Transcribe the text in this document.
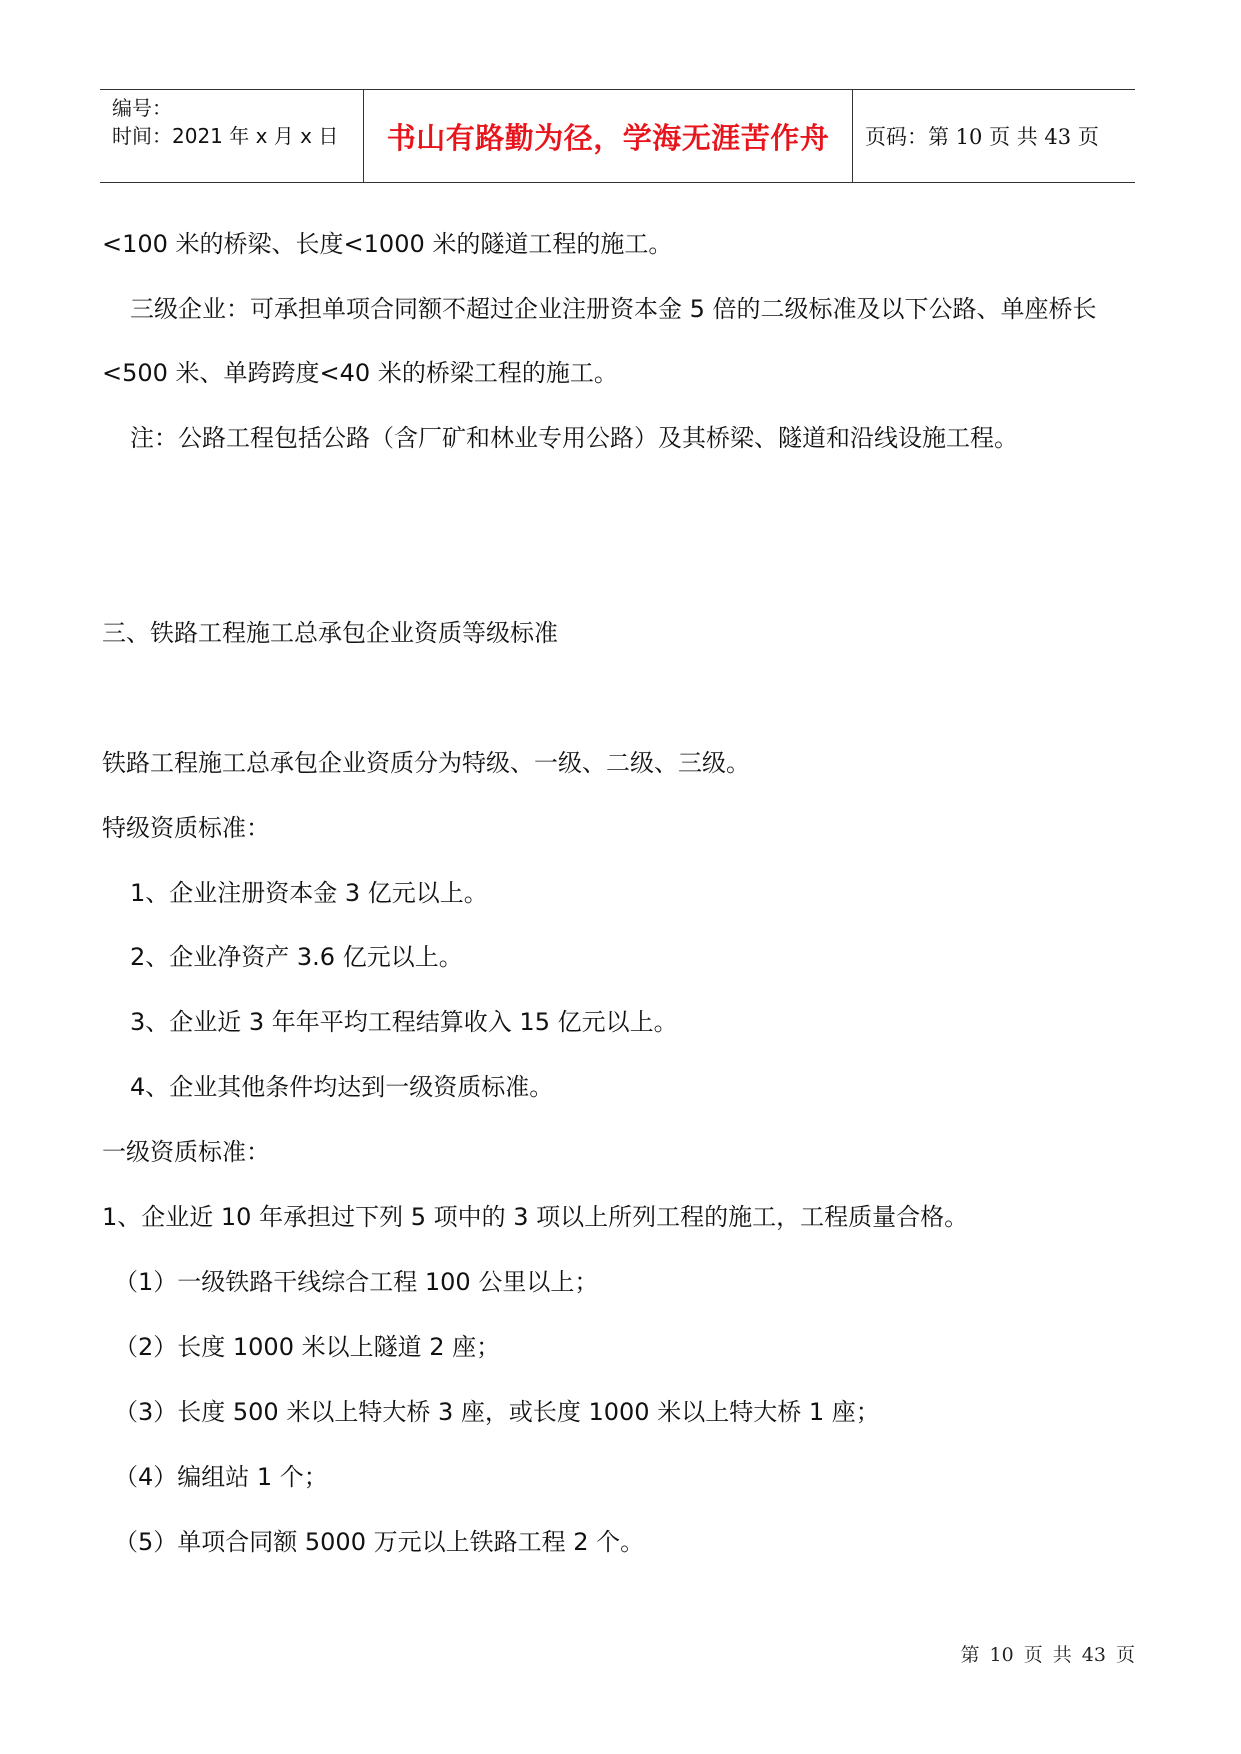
编号：
时间：2021 年 x 月 x 日	书山有路勤为径，学海无涯苦作舟 页码：第 10 页 共 43 页
<100 米的桥梁、长度<1000 米的隧道工程的施工。
三级企业：可承担单项合同额不超过企业注册资本金 5 倍的二级标准及以下公路、单座桥长
<500 米、单跨跨度<40 米的桥梁工程的施工。
注：公路工程包括公路（含厂矿和林业专用公路）及其桥梁、隧道和沿线设施工程。
三、铁路工程施工总承包企业资质等级标准
铁路工程施工总承包企业资质分为特级、一级、二级、三级。
特级资质标准：
1、企业注册资本金 3 亿元以上。
2、企业净资产 3.6 亿元以上。
3、企业近 3 年年平均工程结算收入 15 亿元以上。
4、企业其他条件均达到一级资质标准。
一级资质标准：
1、企业近 10 年承担过下列 5 项中的 3 项以上所列工程的施工，工程质量合格。
（1）一级铁路干线综合工程 100 公里以上；
（2）长度 1000 米以上隧道 2 座；
（3）长度 500 米以上特大桥 3 座，或长度 1000 米以上特大桥 1 座；
（4）编组站 1 个；
（5）单项合同额 5000 万元以上铁路工程 2 个。
第 10 页 共 43 页
